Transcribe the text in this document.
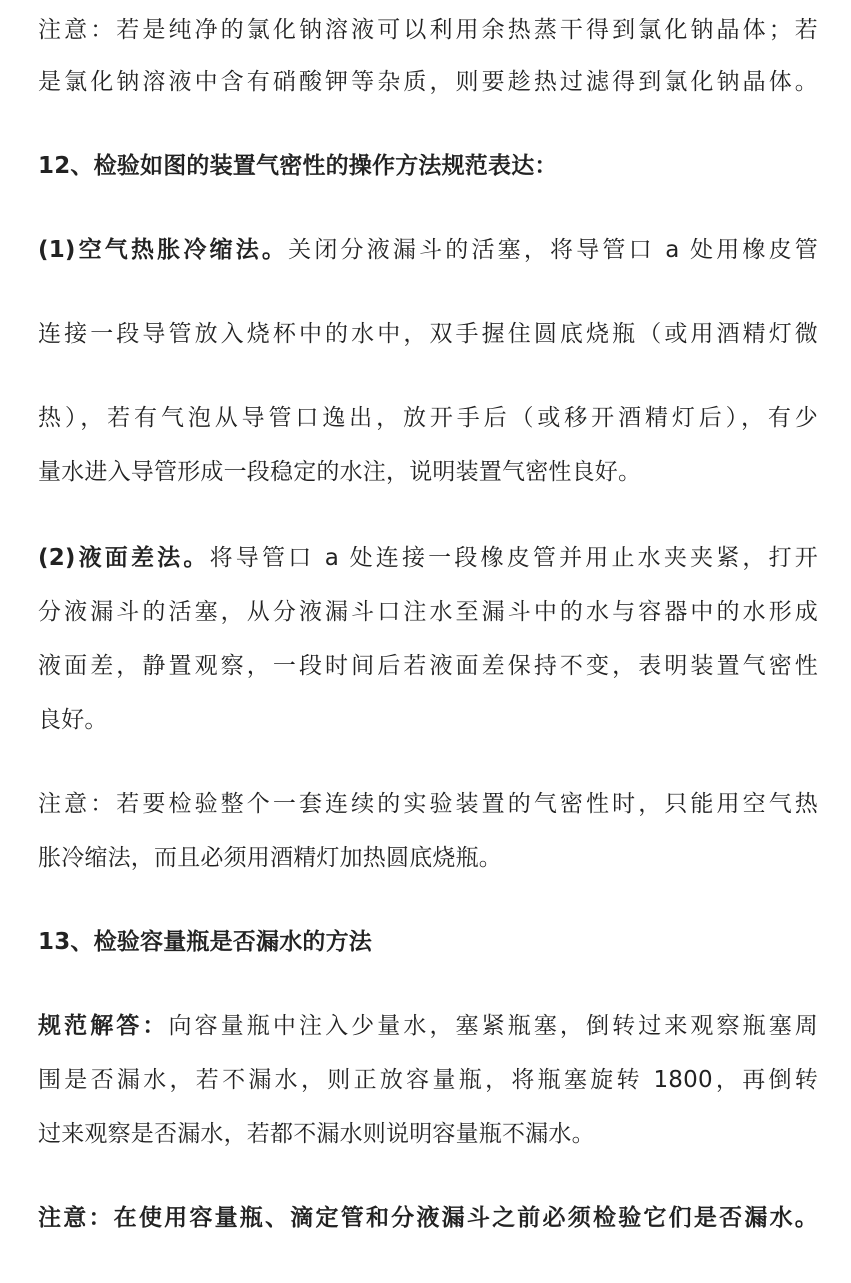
注意：若是纯净的氯化钠溶液可以利用余热蒸干得到氯化钠晶体；若
是氯化钠溶液中含有硝酸钾等杂质，则要趁热过滤得到氯化钠晶体。
12、检验如图的装置气密性的操作方法规范表达：
(1)空气热胀冷缩法。关闭分液漏斗的活塞，将导管口 a 处用橡皮管
连接一段导管放入烧杯中的水中，双手握住圆底烧瓶（或用酒精灯微
热），若有气泡从导管口逸出，放开手后（或移开酒精灯后），有少
量水进入导管形成一段稳定的水注，说明装置气密性良好。
(2)液面差法。将导管口 a 处连接一段橡皮管并用止水夹夹紧，打开
分液漏斗的活塞，从分液漏斗口注水至漏斗中的水与容器中的水形成
液面差，静置观察，一段时间后若液面差保持不变，表明装置气密性
良好。
注意：若要检验整个一套连续的实验装置的气密性时，只能用空气热
胀冷缩法，而且必须用酒精灯加热圆底烧瓶。
13、检验容量瓶是否漏水的方法
规范解答：向容量瓶中注入少量水，塞紧瓶塞，倒转过来观察瓶塞周
围是否漏水，若不漏水，则正放容量瓶，将瓶塞旋转 1800，再倒转
过来观察是否漏水，若都不漏水则说明容量瓶不漏水。
注意：在使用容量瓶、滴定管和分液漏斗之前必须检验它们是否漏水。
